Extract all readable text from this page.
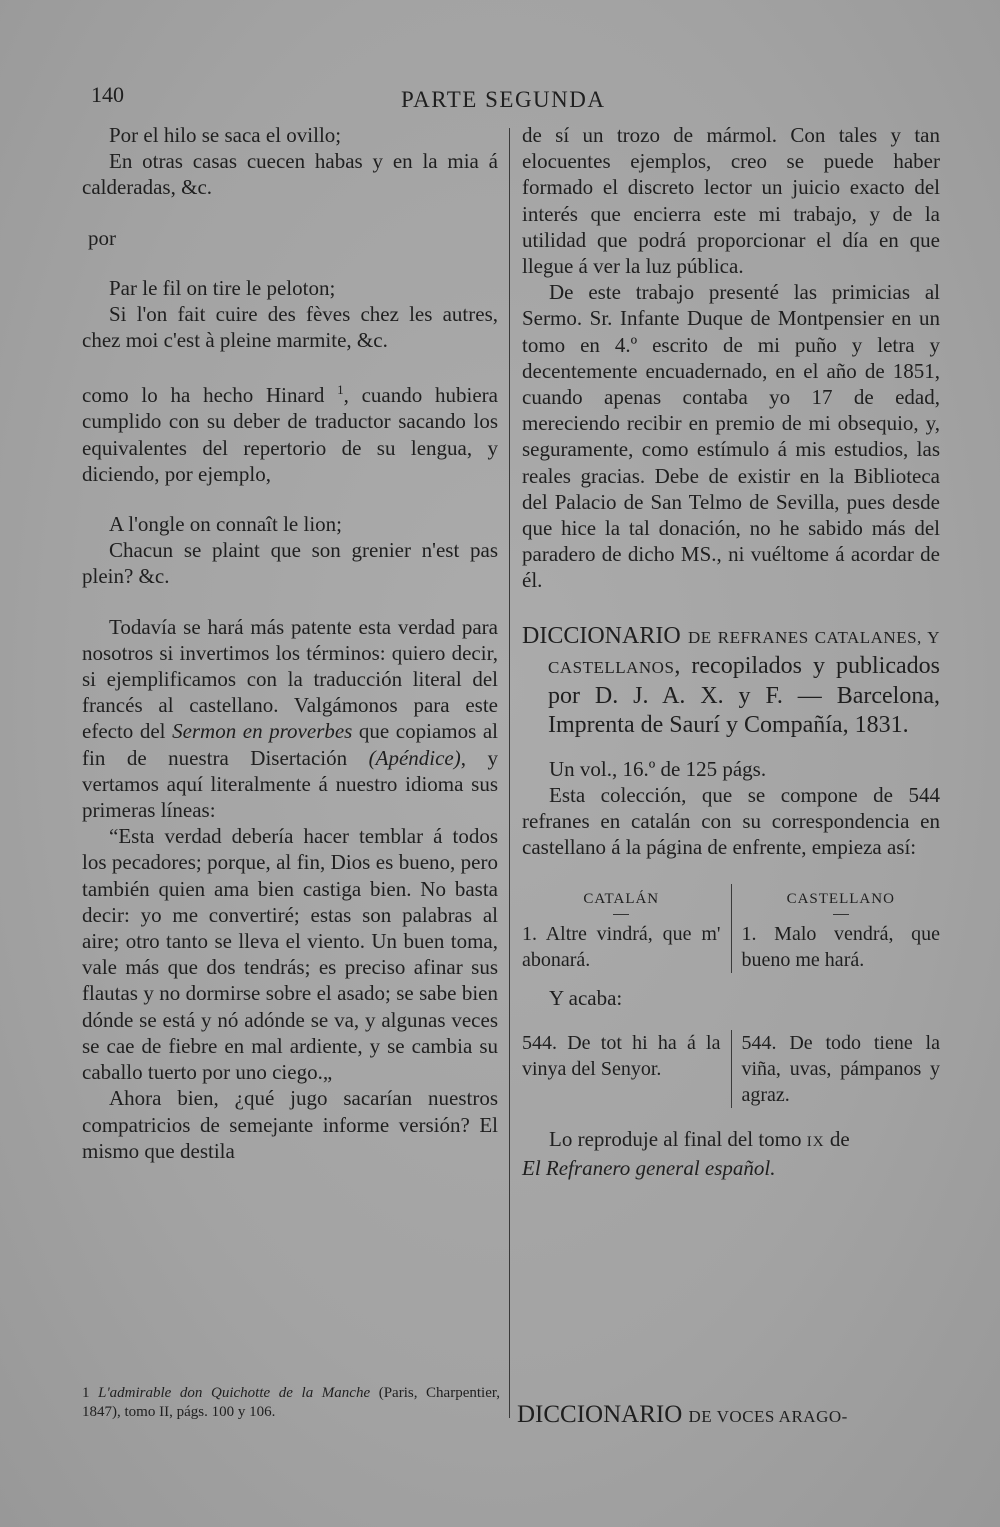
140	PARTE SEGUNDA

Por el hilo se saca el ovillo;

En otras casas cuecen habas y en la mia á calderadas, &c.

por

Par le fil on tire le peloton;

Si l'on fait cuire des fèves chez les autres, chez moi c'est à pleine marmite, &c.

como lo ha hecho Hinard $^1$, cuando hubiera cumplido con su deber de traductor sacando los equivalentes del repertorio de su lengua, y diciendo, por ejemplo,

A l'ongle on connaît le lion;

Chacun se plaint que son grenier n'est pas plein? &c.

Todavía se hará más patente esta verdad para nosotros si invertimos los términos: quiero decir, si ejemplificamos con la traducción literal del francés al castellano. Valgámonos para este efecto del Sermon en proverbes que copiamos al fin de nuestra Disertación (Apéndice), y vertamos aquí literalmente á nuestro idioma sus primeras líneas:

“Esta verdad debería hacer temblar á todos los pecadores; porque, al fin, Dios es bueno, pero también quien ama bien castiga bien. No basta decir: yo me convertiré; estas son palabras al aire; otro tanto se lleva el viento. Un buen toma, vale más que dos tendrás; es preciso afinar sus flautas y no dormirse sobre el asado; se sabe bien dónde se está y nó adónde se va, y algunas veces se cae de fiebre en mal ardiente, y se cambia su caballo tuerto por uno ciego.„

Ahora bien, ¿qué jugo sacarían nuestros compatricios de semejante informe versión? El mismo que destila

1 L'admirable don Quichotte de la Manche (Paris, Charpentier, 1847), tomo II, págs. 100 y 106.

de sí un trozo de mármol. Con tales y tan elocuentes ejemplos, creo se puede haber formado el discreto lector un juicio exacto del interés que encierra este mi trabajo, y de la utilidad que podrá proporcionar el día en que llegue á ver la luz pública.

De este trabajo presenté las primicias al Sermo. Sr. Infante Duque de Montpensier en un tomo en 4.º escrito de mi puño y letra y decentemente encuadernado, en el año de 1851, cuando apenas contaba yo 17 de edad, mereciendo recibir en premio de mi obsequio, y, seguramente, como estímulo á mis estudios, las reales gracias. Debe de existir en la Biblioteca del Palacio de San Telmo de Sevilla, pues desde que hice la tal donación, no he sabido más del paradero de dicho MS., ni vuéltome á acordar de él.

DICCIONARIO DE REFRANES CATALANES, Y CASTELLANOS, recopilados y publicados por D. J. A. X. y F. — Barcelona, Imprenta de Saurí y Compañía, 1831.

Un vol., 16.º de 125 págs.

Esta colección, que se compone de 544 refranes en catalán con su correspondencia en castellano á la página de enfrente, empieza así:

CATALÁN
1. Altre vindrá, que m' abonará.
CASTELLANO
1. Malo vendrá, que bueno me hará.

Y acaba:

544. De tot hi ha á la vinya del Senyor.
544. De todo tiene la viña, uvas, pámpanos y agraz.

Lo reproduje al final del tomo IX de
El Refranero general español.

DICCIONARIO DE VOCES ARAGO-
